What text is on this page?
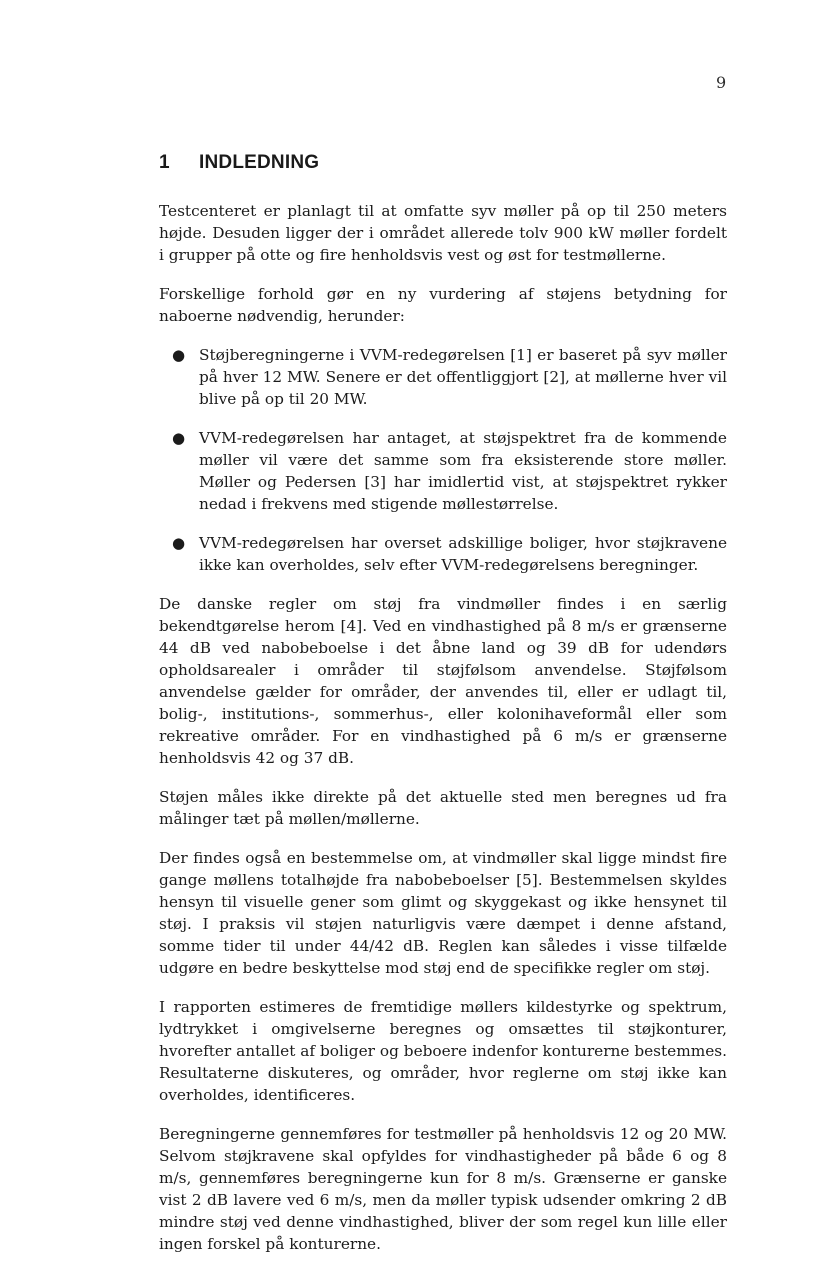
9
1 INDLEDNING

Testcenteret er planlagt til at omfatte syv møller på op til 250 meters højde. Desuden ligger der i området allerede tolv 900 kW møller fordelt i grupper på otte og fire henholdsvis vest og øst for testmøllerne.

Forskellige forhold gør en ny vurdering af støjens betydning for naboerne nødvendig, herunder:

● Støjberegningerne i VVM-redegørelsen [1] er baseret på syv møller på hver 12 MW. Senere er det offentliggjort [2], at møllerne hver vil blive på op til 20 MW.
● VVM-redegørelsen har antaget, at støjspektret fra de kommende møller vil være det samme som fra eksisterende store møller. Møller og Pedersen [3] har imidlertid vist, at støjspektret rykker nedad i frekvens med stigende møllestørrelse.
● VVM-redegørelsen har overset adskillige boliger, hvor støjkravene ikke kan overholdes, selv efter VVM-redegørelsens beregninger.

De danske regler om støj fra vindmøller findes i en særlig bekendtgørelse herom [4]. Ved en vindhastighed på 8 m/s er grænserne 44 dB ved nabobeboelse i det åbne land og 39 dB for udendørs opholdsarealer i områder til støjfølsom anvendelse. Støjfølsom anvendelse gælder for områder, der anvendes til, eller er udlagt til, bolig-, institutions-, sommerhus-, eller kolonihaveformål eller som rekreative områder. For en vindhastighed på 6 m/s er grænserne henholdsvis 42 og 37 dB.

Støjen måles ikke direkte på det aktuelle sted men beregnes ud fra målinger tæt på møllen/møllerne.

Der findes også en bestemmelse om, at vindmøller skal ligge mindst fire gange møllens totalhøjde fra nabobeboelser [5]. Bestemmelsen skyldes hensyn til visuelle gener som glimt og skyggekast og ikke hensynet til støj. I praksis vil støjen naturligvis være dæmpet i denne afstand, somme tider til under 44/42 dB. Reglen kan således i visse tilfælde udgøre en bedre beskyttelse mod støj end de specifikke regler om støj.

I rapporten estimeres de fremtidige møllers kildestyrke og spektrum, lydtrykket i omgivelserne beregnes og omsættes til støjkonturer, hvorefter antallet af boliger og beboere indenfor konturerne bestemmes. Resultaterne diskuteres, og områder, hvor reglerne om støj ikke kan overholdes, identificeres.

Beregningerne gennemføres for testmøller på henholdsvis 12 og 20 MW. Selvom støjkravene skal opfyldes for vindhastigheder på både 6 og 8 m/s, gennemføres beregningerne kun for 8 m/s. Grænserne er ganske vist 2 dB lavere ved 6 m/s, men da møller typisk udsender omkring 2 dB mindre støj ved denne vindhastighed, bliver der som regel kun lille eller ingen forskel på konturerne.
